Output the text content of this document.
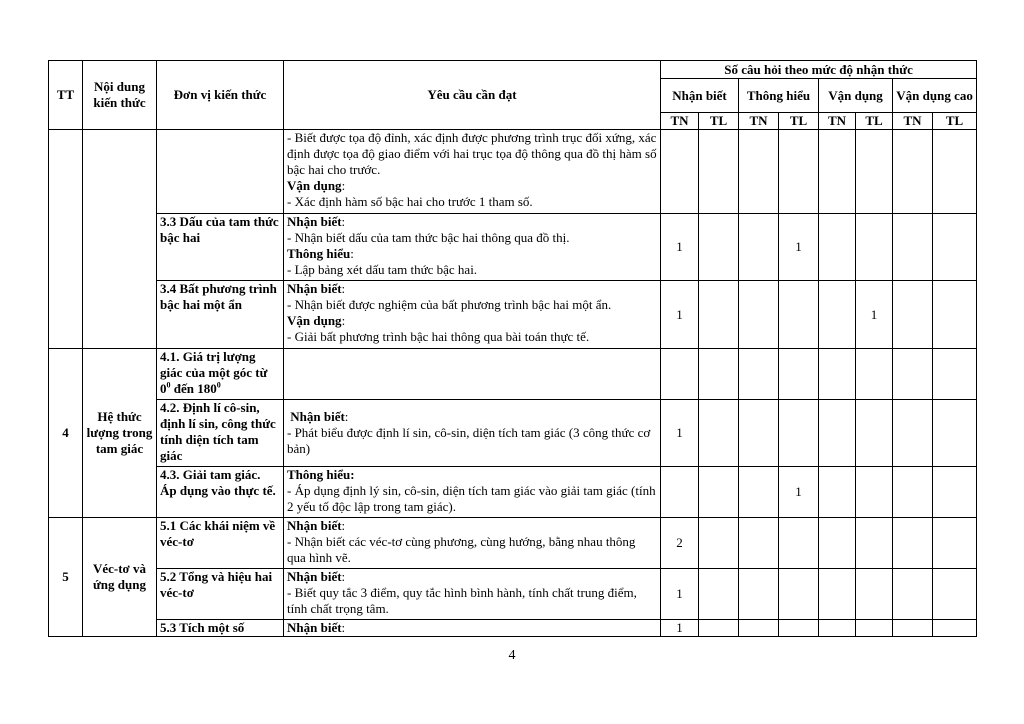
TT	Nội dung kiến thức	Đơn vị kiến thức	Yêu cầu cần đạt	Số câu hỏi theo mức độ nhận thức							
				Nhận biết		Thông hiểu		Vận dụng		Vận dụng cao	
				TN	TL	TN	TL	TN	TL	TN	TL

			- Biết được tọa độ đỉnh, xác định được phương trình trục đối xứng, xác định được tọa độ giao điểm với hai trục tọa độ thông qua đồ thị hàm số bậc hai cho trước.
Vận dụng:
- Xác định hàm số bậc hai cho trước 1 tham số.								

		3.3 Dấu của tam thức bậc hai	Nhận biết:
- Nhận biết dấu của tam thức bậc hai thông qua đồ thị.
Thông hiểu:
- Lập bảng xét dấu tam thức bậc hai.	1			1				
		3.4 Bất phương trình bậc hai một ẩn	Nhận biết:
- Nhận biết được nghiệm của bất phương trình bậc hai một ẩn.
Vận dụng:
- Giải bất phương trình bậc hai thông qua bài toán thực tế.	1					1		
4	Hệ thức lượng trong tam giác	4.1. Giá trị lượng giác của một góc từ $0^0$ đến $180^0$									
		4.2. Định lí cô-sin, định lí sin, công thức tính diện tích tam giác	Nhận biết:
- Phát biểu được định lí sin, cô-sin, diện tích tam giác (3 công thức cơ bản)	1							
		4.3. Giải tam giác. Áp dụng vào thực tế.	Thông hiểu:
- Áp dụng định lý sin, cô-sin, diện tích tam giác vào giải tam giác (tính 2 yếu tố độc lập trong tam giác).				1				
5	Véc-tơ và ứng dụng	5.1 Các khái niệm về véc-tơ	Nhận biết:
- Nhận biết các véc-tơ cùng phương, cùng hướng, bằng nhau thông qua hình vẽ.	2							
		5.2 Tổng và hiệu hai véc-tơ	Nhận biết:
- Biết quy tắc 3 điểm, quy tắc hình bình hành, tính chất trung điểm, tính chất trọng tâm.	1							
		5.3 Tích một số	Nhận biết:	1							
4
